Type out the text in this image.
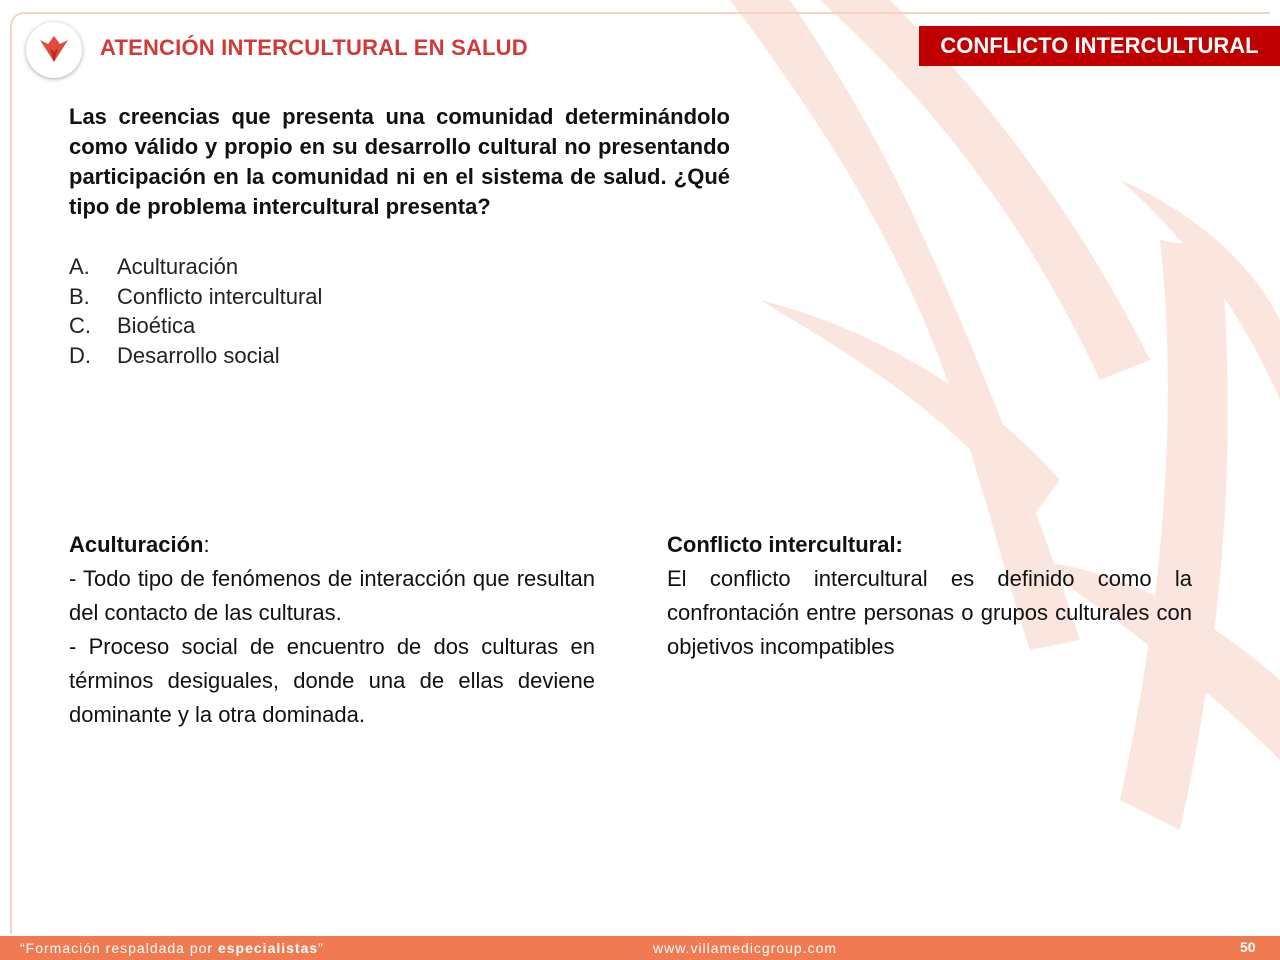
ATENCIÓN INTERCULTURAL EN SALUD	CONFLICTO INTERCULTURAL

Las creencias que presenta una comunidad determinándolo como válido y propio en su desarrollo cultural no presentando participación en la comunidad ni en el sistema de salud. ¿Qué tipo de problema intercultural presenta?

A.	Aculturación
B.	Conflicto intercultural
C.	Bioética
D.	Desarrollo social

Aculturación:

- Todo tipo de fenómenos de interacción que resultan del contacto de las culturas.

- Proceso social de encuentro de dos culturas en términos desiguales, donde una de ellas deviene dominante y la otra dominada.

Conflicto intercultural:

El conflicto intercultural es definido como la confrontación entre personas o grupos culturales con objetivos incompatibles

“Formación respaldada por especialistas”	www.villamedicgroup.com	50
